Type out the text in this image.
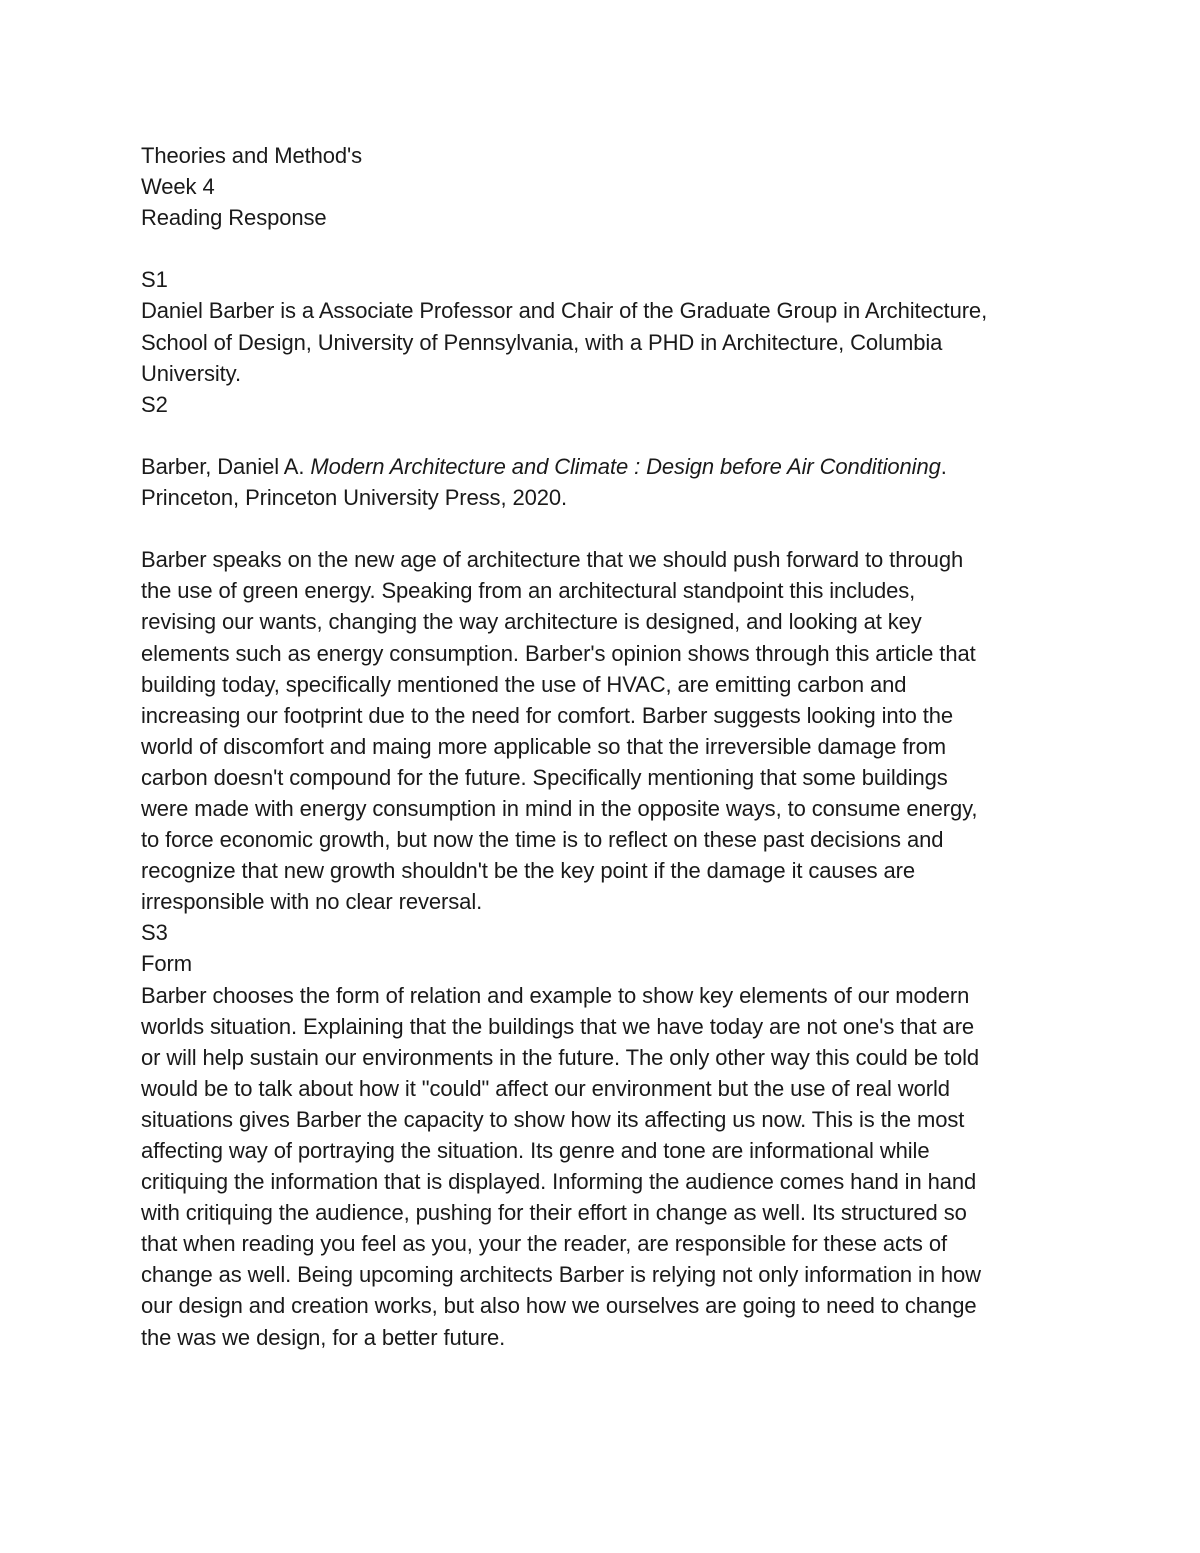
Theories and Method's
Week 4
Reading Response
S1
Daniel Barber is a Associate Professor and Chair of the Graduate Group in Architecture,
School of Design, University of Pennsylvania, with a PHD in Architecture, Columbia
University.
S2
Barber, Daniel A. Modern Architecture and Climate : Design before Air Conditioning.
Princeton, Princeton University Press, 2020.
Barber speaks on the new age of architecture that we should push forward to through
the use of green energy. Speaking from an architectural standpoint this includes,
revising our wants, changing the way architecture is designed, and looking at key
elements such as energy consumption. Barber's opinion shows through this article that
building today, specifically mentioned the use of HVAC, are emitting carbon and
increasing our footprint due to the need for comfort. Barber suggests looking into the
world of discomfort and maing more applicable so that the irreversible damage from
carbon doesn't compound for the future. Specifically mentioning that some buildings
were made with energy consumption in mind in the opposite ways, to consume energy,
to force economic growth, but now the time is to reflect on these past decisions and
recognize that new growth shouldn't be the key point if the damage it causes are
irresponsible with no clear reversal.
S3
Form
Barber chooses the form of relation and example to show key elements of our modern
worlds situation. Explaining that the buildings that we have today are not one's that are
or will help sustain our environments in the future. The only other way this could be told
would be to talk about how it "could" affect our environment but the use of real world
situations gives Barber the capacity to show how its affecting us now. This is the most
affecting way of portraying the situation. Its genre and tone are informational while
critiquing the information that is displayed. Informing the audience comes hand in hand
with critiquing the audience, pushing for their effort in change as well. Its structured so
that when reading you feel as you, your the reader, are responsible for these acts of
change as well. Being upcoming architects Barber is relying not only information in how
our design and creation works, but also how we ourselves are going to need to change
the was we design, for a better future.
